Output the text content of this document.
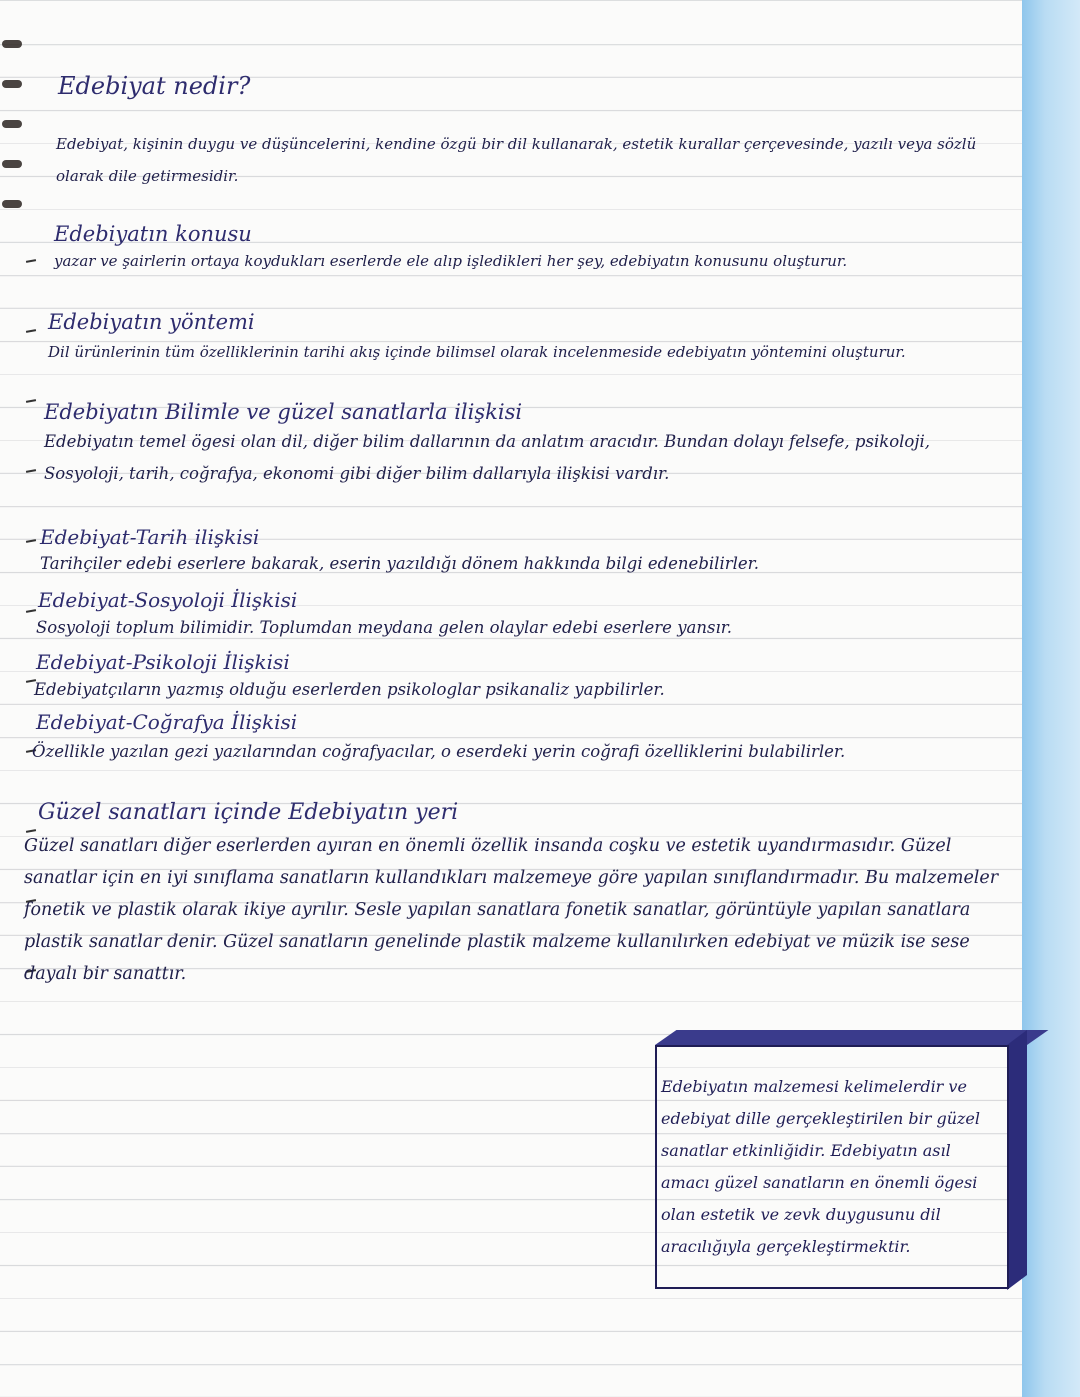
Edebiyat nedir?

Edebiyat, kişinin duygu ve düşüncelerini, kendine özgü bir dil kullanarak, estetik kurallar çerçevesinde, yazılı veya sözlü olarak dile getirmesidir.

Edebiyatın konusu

yazar ve şairlerin ortaya koydukları eserlerde ele alıp işledikleri her şey, edebiyatın konusunu oluşturur.

Edebiyatın yöntemi

Dil ürünlerinin tüm özelliklerinin tarihi akış içinde bilimsel olarak incelenmeside edebiyatın yöntemini oluşturur.

Edebiyatın Bilimle ve güzel sanatlarla ilişkisi

Edebiyatın temel ögesi olan dil, diğer bilim dallarının da anlatım aracıdır. Bundan dolayı felsefe, psikoloji, Sosyoloji, tarih, coğrafya, ekonomi gibi diğer bilim dallarıyla ilişkisi vardır.

Edebiyat-Tarih ilişkisi

Tarihçiler edebi eserlere bakarak, eserin yazıldığı dönem hakkında bilgi edenebilirler.

Edebiyat-Sosyoloji İlişkisi

Sosyoloji toplum bilimidir. Toplumdan meydana gelen olaylar edebi eserlere yansır.

Edebiyat-Psikoloji İlişkisi

Edebiyatçıların yazmış olduğu eserlerden psikologlar psikanaliz yapbilirler.

Edebiyat-Coğrafya İlişkisi

Özellikle yazılan gezi yazılarından coğrafyacılar, o eserdeki yerin coğrafi özelliklerini bulabilirler.

Güzel sanatları içinde Edebiyatın yeri

Güzel sanatları diğer eserlerden ayıran en önemli özellik insanda coşku ve estetik uyandırmasıdır. Güzel sanatlar için en iyi sınıflama sanatların kullandıkları malzemeye göre yapılan sınıflandırmadır. Bu malzemeler fonetik ve plastik olarak ikiye ayrılır. Sesle yapılan sanatlara fonetik sanatlar, görüntüyle yapılan sanatlara plastik sanatlar denir. Güzel sanatların genelinde plastik malzeme kullanılırken edebiyat ve müzik ise sese dayalı bir sanattır.

Edebiyatın malzemesi kelimelerdir ve edebiyat dille gerçekleştirilen bir güzel sanatlar etkinliğidir. Edebiyatın asıl amacı güzel sanatların en önemli ögesi olan estetik ve zevk duygusunu dil aracılığıyla gerçekleştirmektir.
